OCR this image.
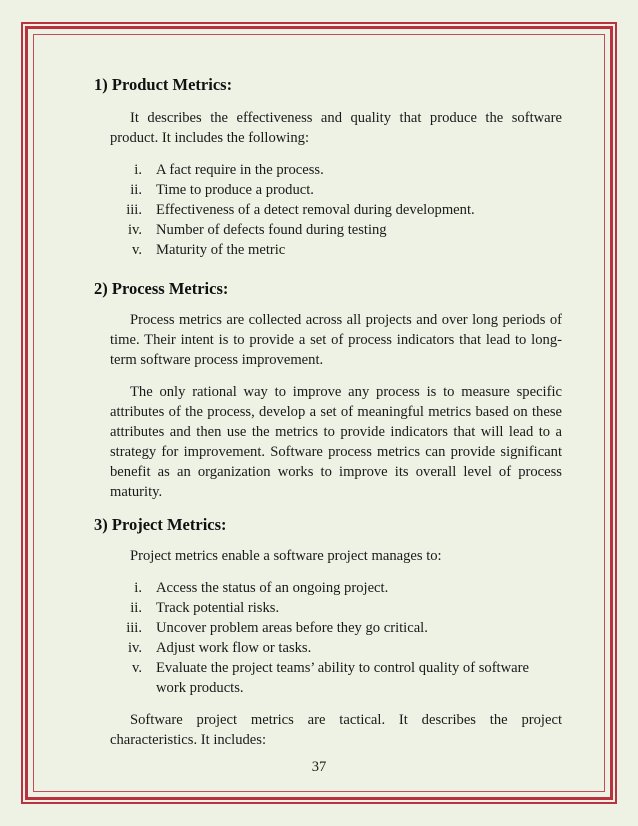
1) Product Metrics:

It describes the effectiveness and quality that produce the software product. It includes the following:

i. A fact require in the process.
ii. Time to produce a product.
iii. Effectiveness of a detect removal during development.
iv. Number of defects found during testing
v. Maturity of the metric
2) Process Metrics:

Process metrics are collected across all projects and over long periods of time. Their intent is to provide a set of process indicators that lead to long-term software process improvement.

The only rational way to improve any process is to measure specific attributes of the process, develop a set of meaningful metrics based on these attributes and then use the metrics to provide indicators that will lead to a strategy for improvement. Software process metrics can provide significant benefit as an organization works to improve its overall level of process maturity.

3) Project Metrics:

Project metrics enable a software project manages to:

i. Access the status of an ongoing project.
ii. Track potential risks.
iii. Uncover problem areas before they go critical.
iv. Adjust work flow or tasks.
v. Evaluate the project teams’ ability to control quality of software work products.

Software project metrics are tactical. It describes the project characteristics. It includes:

37
